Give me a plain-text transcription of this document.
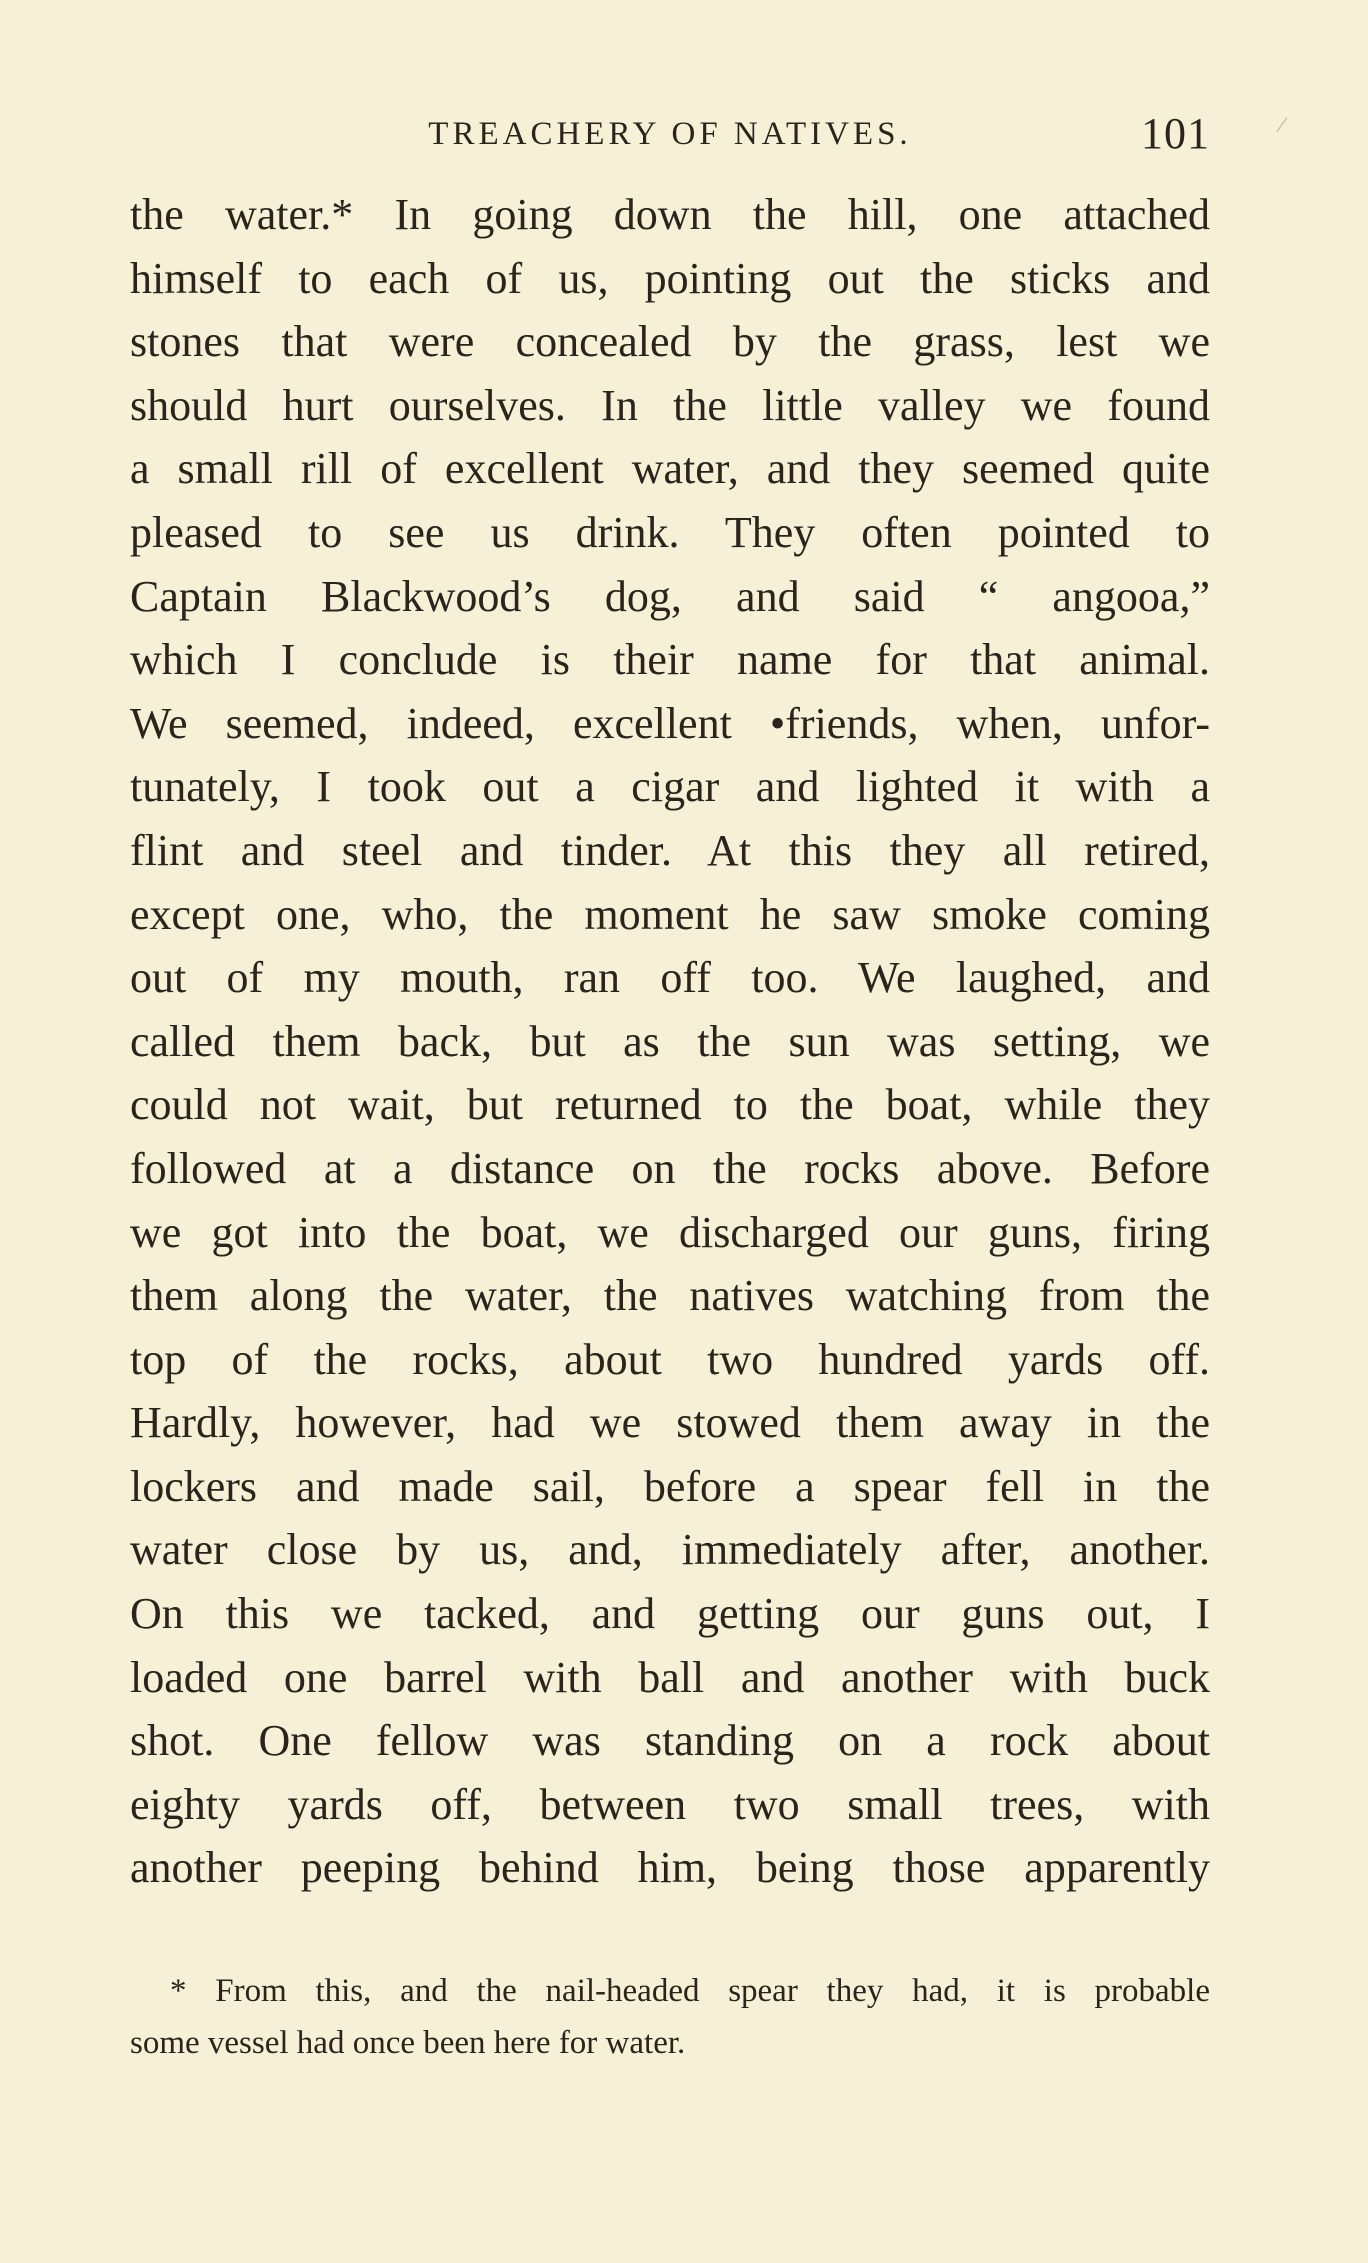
TREACHERY OF NATIVES.	101	⁄
the water.* In going down the hill, one attached
himself to each of us, pointing out the sticks and
stones that were concealed by the grass, lest we
should hurt ourselves. In the little valley we found
a small rill of excellent water, and they seemed quite
pleased to see us drink. They often pointed to
Captain Blackwood’s dog, and said “ angooa,”
which I conclude is their name for that animal.
We seemed, indeed, excellent •friends, when, unfor-
tunately, I took out a cigar and lighted it with a
flint and steel and tinder. At this they all retired,
except one, who, the moment he saw smoke coming
out of my mouth, ran off too. We laughed, and
called them back, but as the sun was setting, we
could not wait, but returned to the boat, while they
followed at a distance on the rocks above. Before
we got into the boat, we discharged our guns, firing
them along the water, the natives watching from the
top of the rocks, about two hundred yards off.
Hardly, however, had we stowed them away in the
lockers and made sail, before a spear fell in the
water close by us, and, immediately after, another.
On this we tacked, and getting our guns out, I
loaded one barrel with ball and another with buck
shot. One fellow was standing on a rock about
eighty yards off, between two small trees, with
another peeping behind him, being those apparently
* From this, and the nail-headed spear they had, it is probable
some vessel had once been here for water.
